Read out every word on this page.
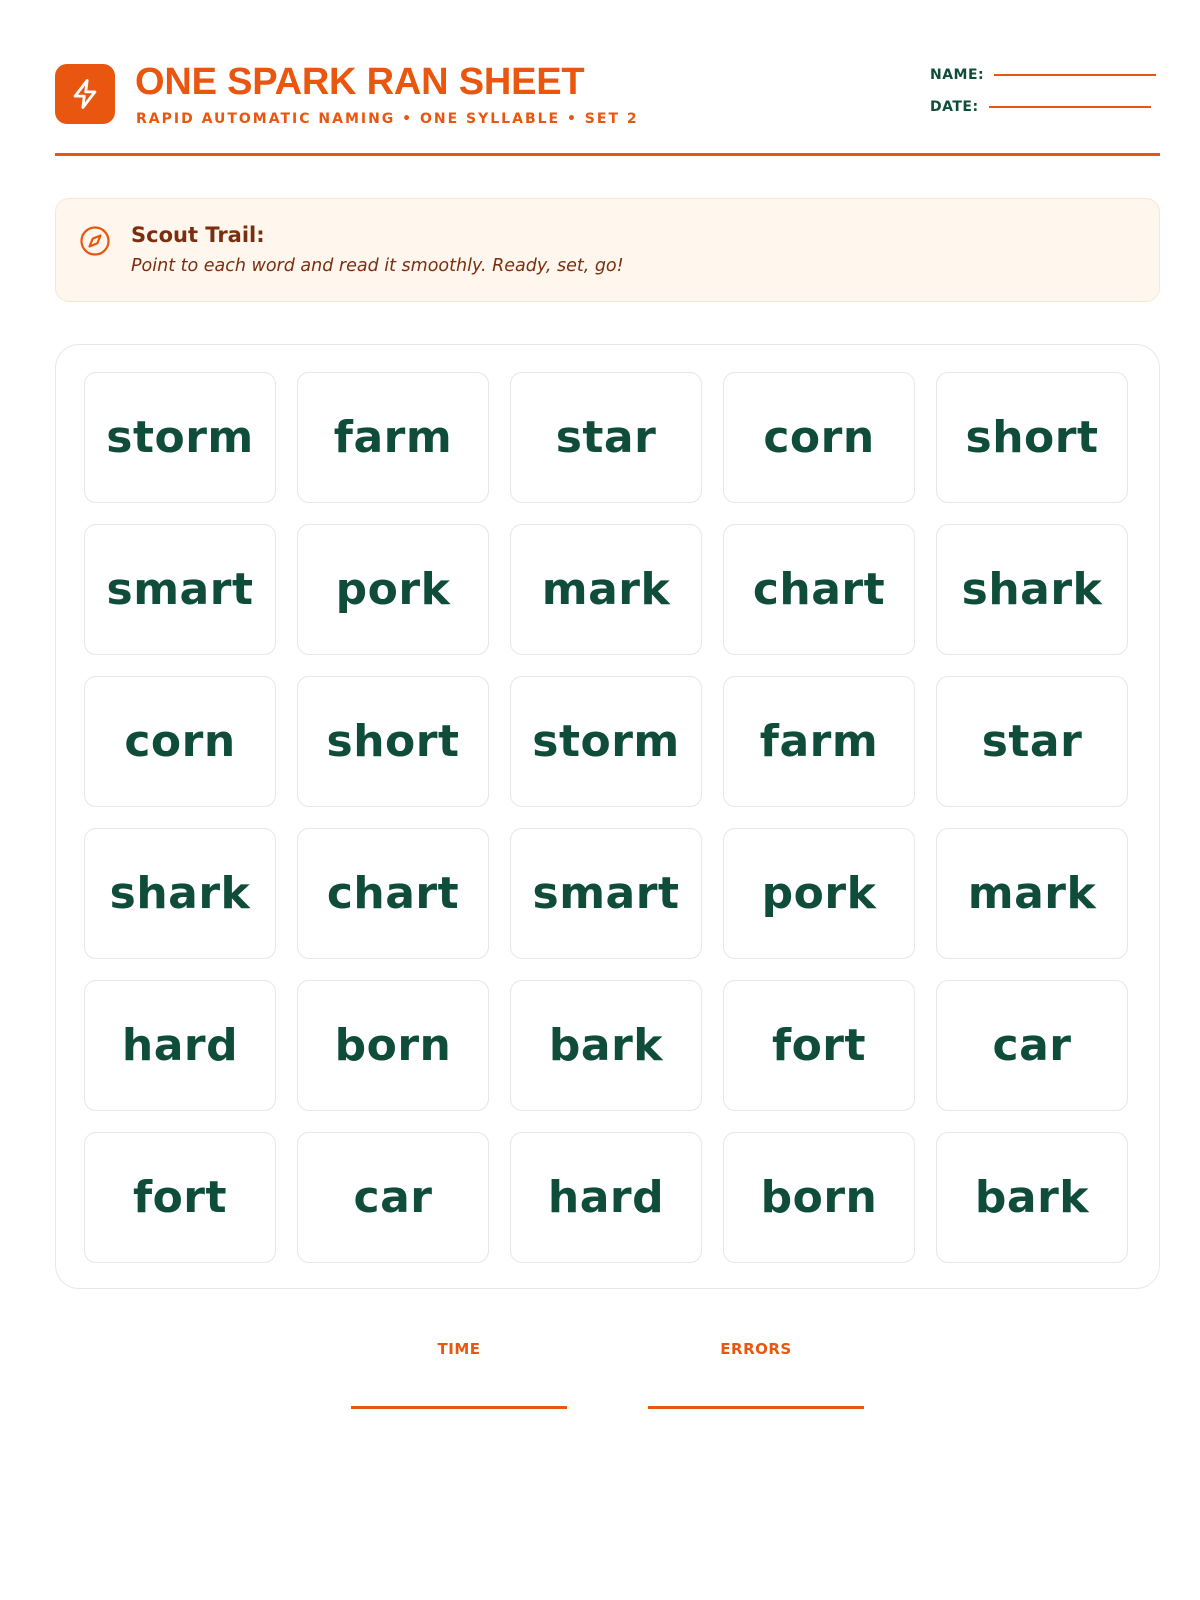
ONE SPARK RAN SHEET
RAPID AUTOMATIC NAMING • ONE SYLLABLE • SET 2
NAME:
DATE:
Scout Trail:
Point to each word and read it smoothly. Ready, set, go!
storm farm star corn short
smart pork mark chart shark
corn short storm farm star
shark chart smart pork mark
hard born bark fort	car
fort	car	hard born bark
TIME	ERRORS
